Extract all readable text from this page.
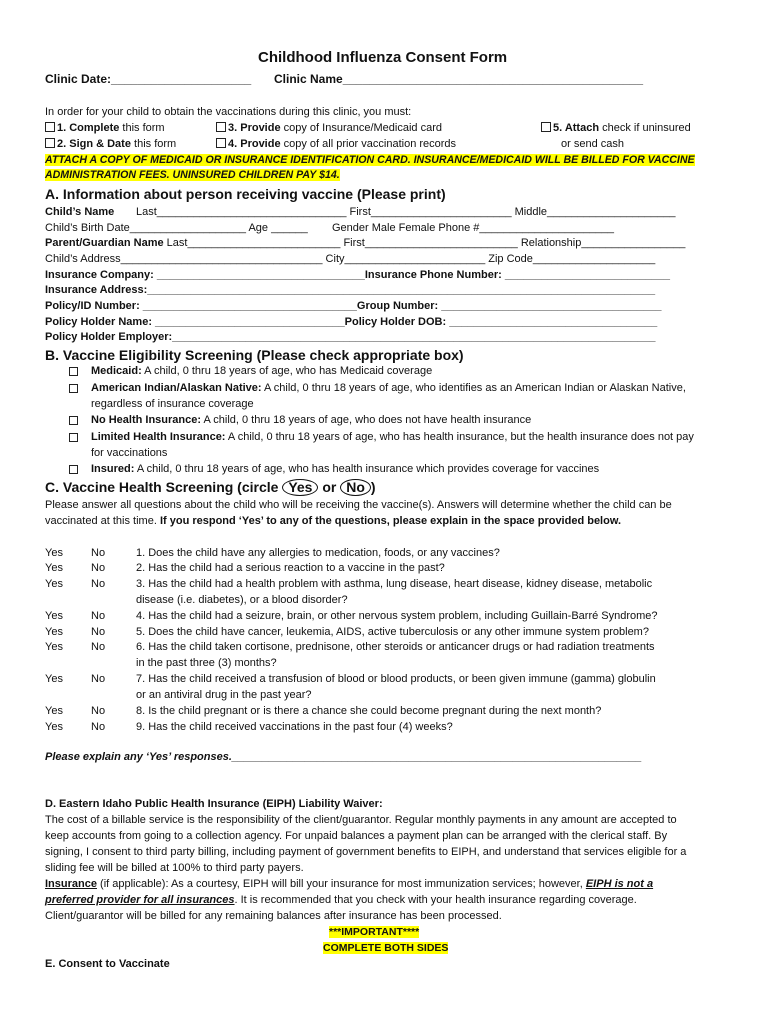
Childhood Influenza Consent Form
Clinic Date:_____________________ Clinic Name_____________________________________________
In order for your child to obtain the vaccinations during this clinic, you must:
1. Complete this form
2. Sign & Date this form
3. Provide copy of Insurance/Medicaid card
4. Provide copy of all prior vaccination records
5. Attach check if uninsured
or send cash
ATTACH A COPY OF MEDICAID OR INSURANCE IDENTIFICATION CARD. INSURANCE/MEDICAID WILL BE BILLED FOR VACCINE
ADMINISTRATION FEES. UNINSURED CHILDREN PAY $14.
A. Information about person receiving vaccine (Please print)
Child’s Name Last_______________________________ First_______________________ Middle_____________________
Child’s Birth Date___________________ Age ______ Gender Male Female Phone #______________________
Parent/Guardian Name Last_________________________ First_________________________ Relationship_________________
Child’s Address_________________________________ City_______________________ Zip Code____________________
Insurance Company: __________________________________Insurance Phone Number: ___________________________
Insurance Address:___________________________________________________________________________________
Policy/ID Number: ___________________________________Group Number: ____________________________________
Policy Holder Name: _______________________________Policy Holder DOB: __________________________________
Policy Holder Employer:_______________________________________________________________________________
B. Vaccine Eligibility Screening (Please check appropriate box)
Medicaid: A child, 0 thru 18 years of age, who has Medicaid coverage
American Indian/Alaskan Native: A child, 0 thru 18 years of age, who identifies as an American Indian or Alaskan Native,
regardless of insurance coverage
No Health Insurance: A child, 0 thru 18 years of age, who does not have health insurance
Limited Health Insurance: A child, 0 thru 18 years of age, who has health insurance, but the health insurance does not pay
for vaccinations
Insured: A child, 0 thru 18 years of age, who has health insurance which provides coverage for vaccines
C. Vaccine Health Screening (circle Yes or No )
Please answer all questions about the child who will be receiving the vaccine(s). Answers will determine whether the child can be
vaccinated at this time. If you respond ‘Yes’ to any of the questions, please explain in the space provided below.
Yes	No	1. Does the child have any allergies to medication, foods, or any vaccines?
Yes	No	2. Has the child had a serious reaction to a vaccine in the past?
Yes	No	3. Has the child had a health problem with asthma, lung disease, heart disease, kidney disease, metabolic
disease (i.e. diabetes), or a blood disorder?
Yes	No	4. Has the child had a seizure, brain, or other nervous system problem, including Guillain-Barré Syndrome?
Yes	No	5. Does the child have cancer, leukemia, AIDS, active tuberculosis or any other immune system problem?
Yes	No	6. Has the child taken cortisone, prednisone, other steroids or anticancer drugs or had radiation treatments
in the past three (3) months?
Yes	No	7. Has the child received a transfusion of blood or blood products, or been given immune (gamma) globulin
or an antiviral drug in the past year?
Yes	No	8. Is the child pregnant or is there a chance she could become pregnant during the next month?
Yes	No	9. Has the child received vaccinations in the past four (4) weeks?
Please explain any ‘Yes’ responses.___________________________________________________________________
D. Eastern Idaho Public Health Insurance (EIPH) Liability Waiver:
The cost of a billable service is the responsibility of the client/guarantor. Regular monthly payments in any amount are accepted to
keep accounts from going to a collection agency. For unpaid balances a payment plan can be arranged with the clerical staff. By
signing, I consent to third party billing, including payment of government benefits to EIPH, and understand that services eligible for a
sliding fee will be billed at 100% to third party payers.
Insurance (if applicable): As a courtesy, EIPH will bill your insurance for most immunization services; however, EIPH is not a
preferred provider for all insurances. It is recommended that you check with your health insurance regarding coverage.
Client/guarantor will be billed for any remaining balances after insurance has been processed.
***IMPORTANT****
COMPLETE BOTH SIDES
E. Consent to Vaccinate
